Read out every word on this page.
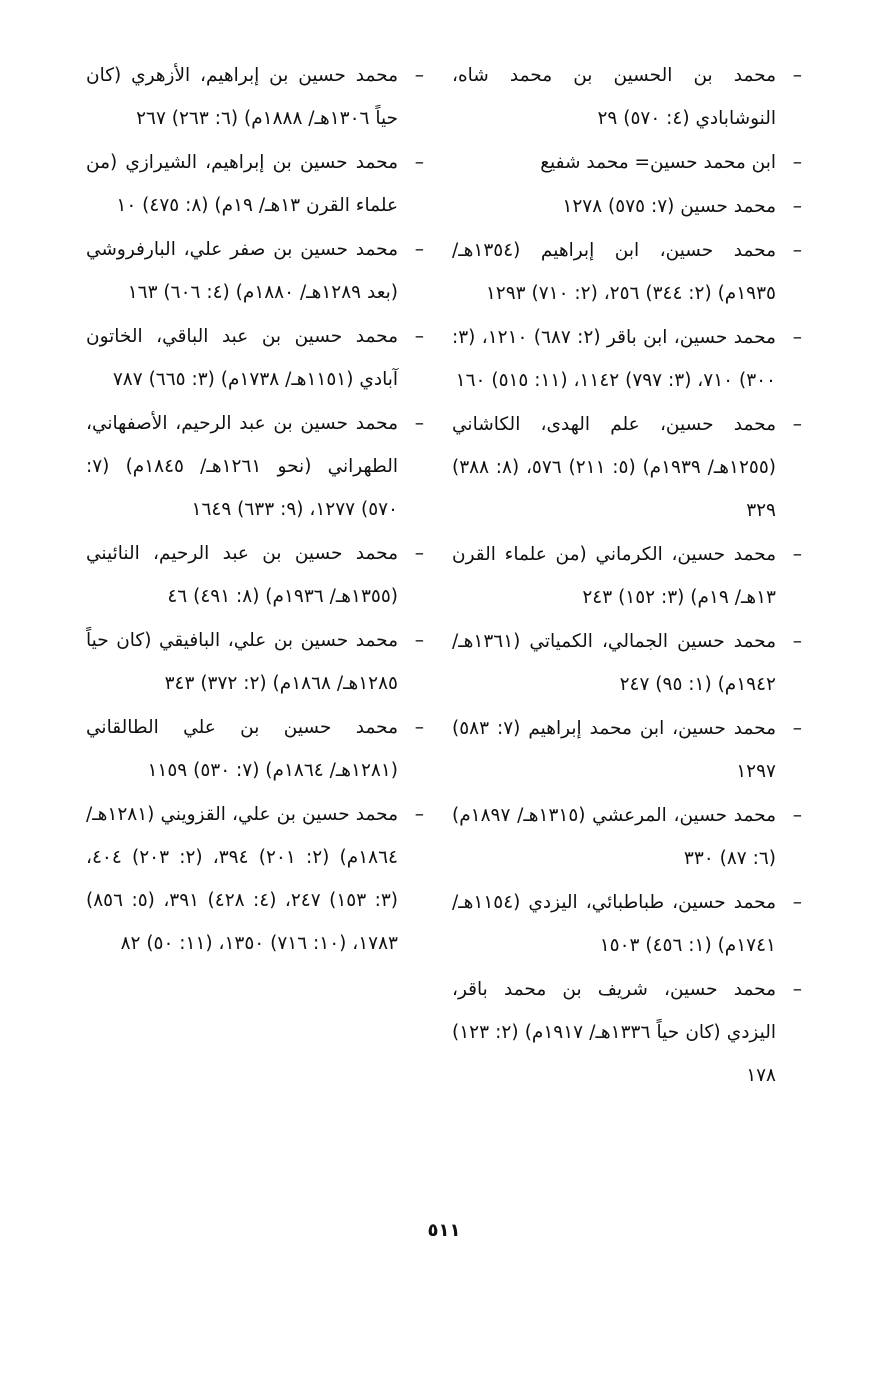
–
محمد بن الحسين بن محمد شاه، النوشابادي (٤: ٥٧٠) ٢٩
–
ابن محمد حسين= محمد شفيع
–
محمد حسين (٧: ٥٧٥) ١٢٧٨
–
محمد حسين، ابن إبراهيم (١٣٥٤هـ/ ١٩٣٥م) (٢: ٣٤٤) ٢٥٦، (٢: ٧١٠) ١٢٩٣
–
محمد حسين، ابن باقر (٢: ٦٨٧) ١٢١٠، (٣: ٣٠٠) ٧١٠، (٣: ٧٩٧) ١١٤٢، (١١: ٥١٥) ١٦٠
–
محمد حسين، علم الهدى، الكاشاني (١٢٥٥هـ/ ١٩٣٩م) (٥: ٢١١) ٥٧٦، (٨: ٣٨٨) ٣٢٩
–
محمد حسين، الكرماني (من علماء القرن ١٣هـ/ ١٩م) (٣: ١٥٢) ٢٤٣
–
محمد حسين الجمالي، الكمياتي (١٣٦١هـ/ ١٩٤٢م) (١: ٩٥) ٢٤٧
–
محمد حسين، ابن محمد إبراهيم (٧: ٥٨٣) ١٢٩٧
–
محمد حسين، المرعشي (١٣١٥هـ/ ١٨٩٧م) (٦: ٨٧) ٣٣٠
–
محمد حسين، طباطبائي، اليزدي (١١٥٤هـ/ ١٧٤١م) (١: ٤٥٦) ١٥٠٣
–
محمد حسين، شريف بن محمد باقر، اليزدي (كان حياً ١٣٣٦هـ/ ١٩١٧م) (٢: ١٢٣) ١٧٨
–
محمد حسين بن إبراهيم، الأزهري (كان حياً ١٣٠٦هـ/ ١٨٨٨م) (٦: ٢٦٣) ٢٦٧
–
محمد حسين بن إبراهيم، الشيرازي (من علماء القرن ١٣هـ/ ١٩م) (٨: ٤٧٥) ١٠
–
محمد حسين بن صفر علي، البارفروشي (بعد ١٢٨٩هـ/ ١٨٨٠م) (٤: ٦٠٦) ١٦٣
–
محمد حسين بن عبد الباقي، الخاتون آبادي (١١٥١هـ/ ١٧٣٨م) (٣: ٦٦٥) ٧٨٧
–
محمد حسين بن عبد الرحيم، الأصفهاني، الطهراني (نحو ١٢٦١هـ/ ١٨٤٥م) (٧: ٥٧٠) ١٢٧٧، (٩: ٦٣٣) ١٦٤٩
–
محمد حسين بن عبد الرحيم، النائيني (١٣٥٥هـ/ ١٩٣٦م) (٨: ٤٩١) ٤٦
–
محمد حسين بن علي، البافيقي (كان حياً ١٢٨٥هـ/ ١٨٦٨م) (٢: ٣٧٢) ٣٤٣
–
محمد حسين بن علي الطالقاني (١٢٨١هـ/ ١٨٦٤م) (٧: ٥٣٠) ١١٥٩
–
محمد حسين بن علي، القزويني (١٢٨١هـ/ ١٨٦٤م) (٢: ٢٠١) ٣٩٤، (٢: ٢٠٣) ٤٠٤، (٣: ١٥٣) ٢٤٧، (٤: ٤٢٨) ٣٩١، (٥: ٨٥٦) ١٧٨٣، (١٠: ٧١٦) ١٣٥٠، (١١: ٥٠) ٨٢
٥١١
